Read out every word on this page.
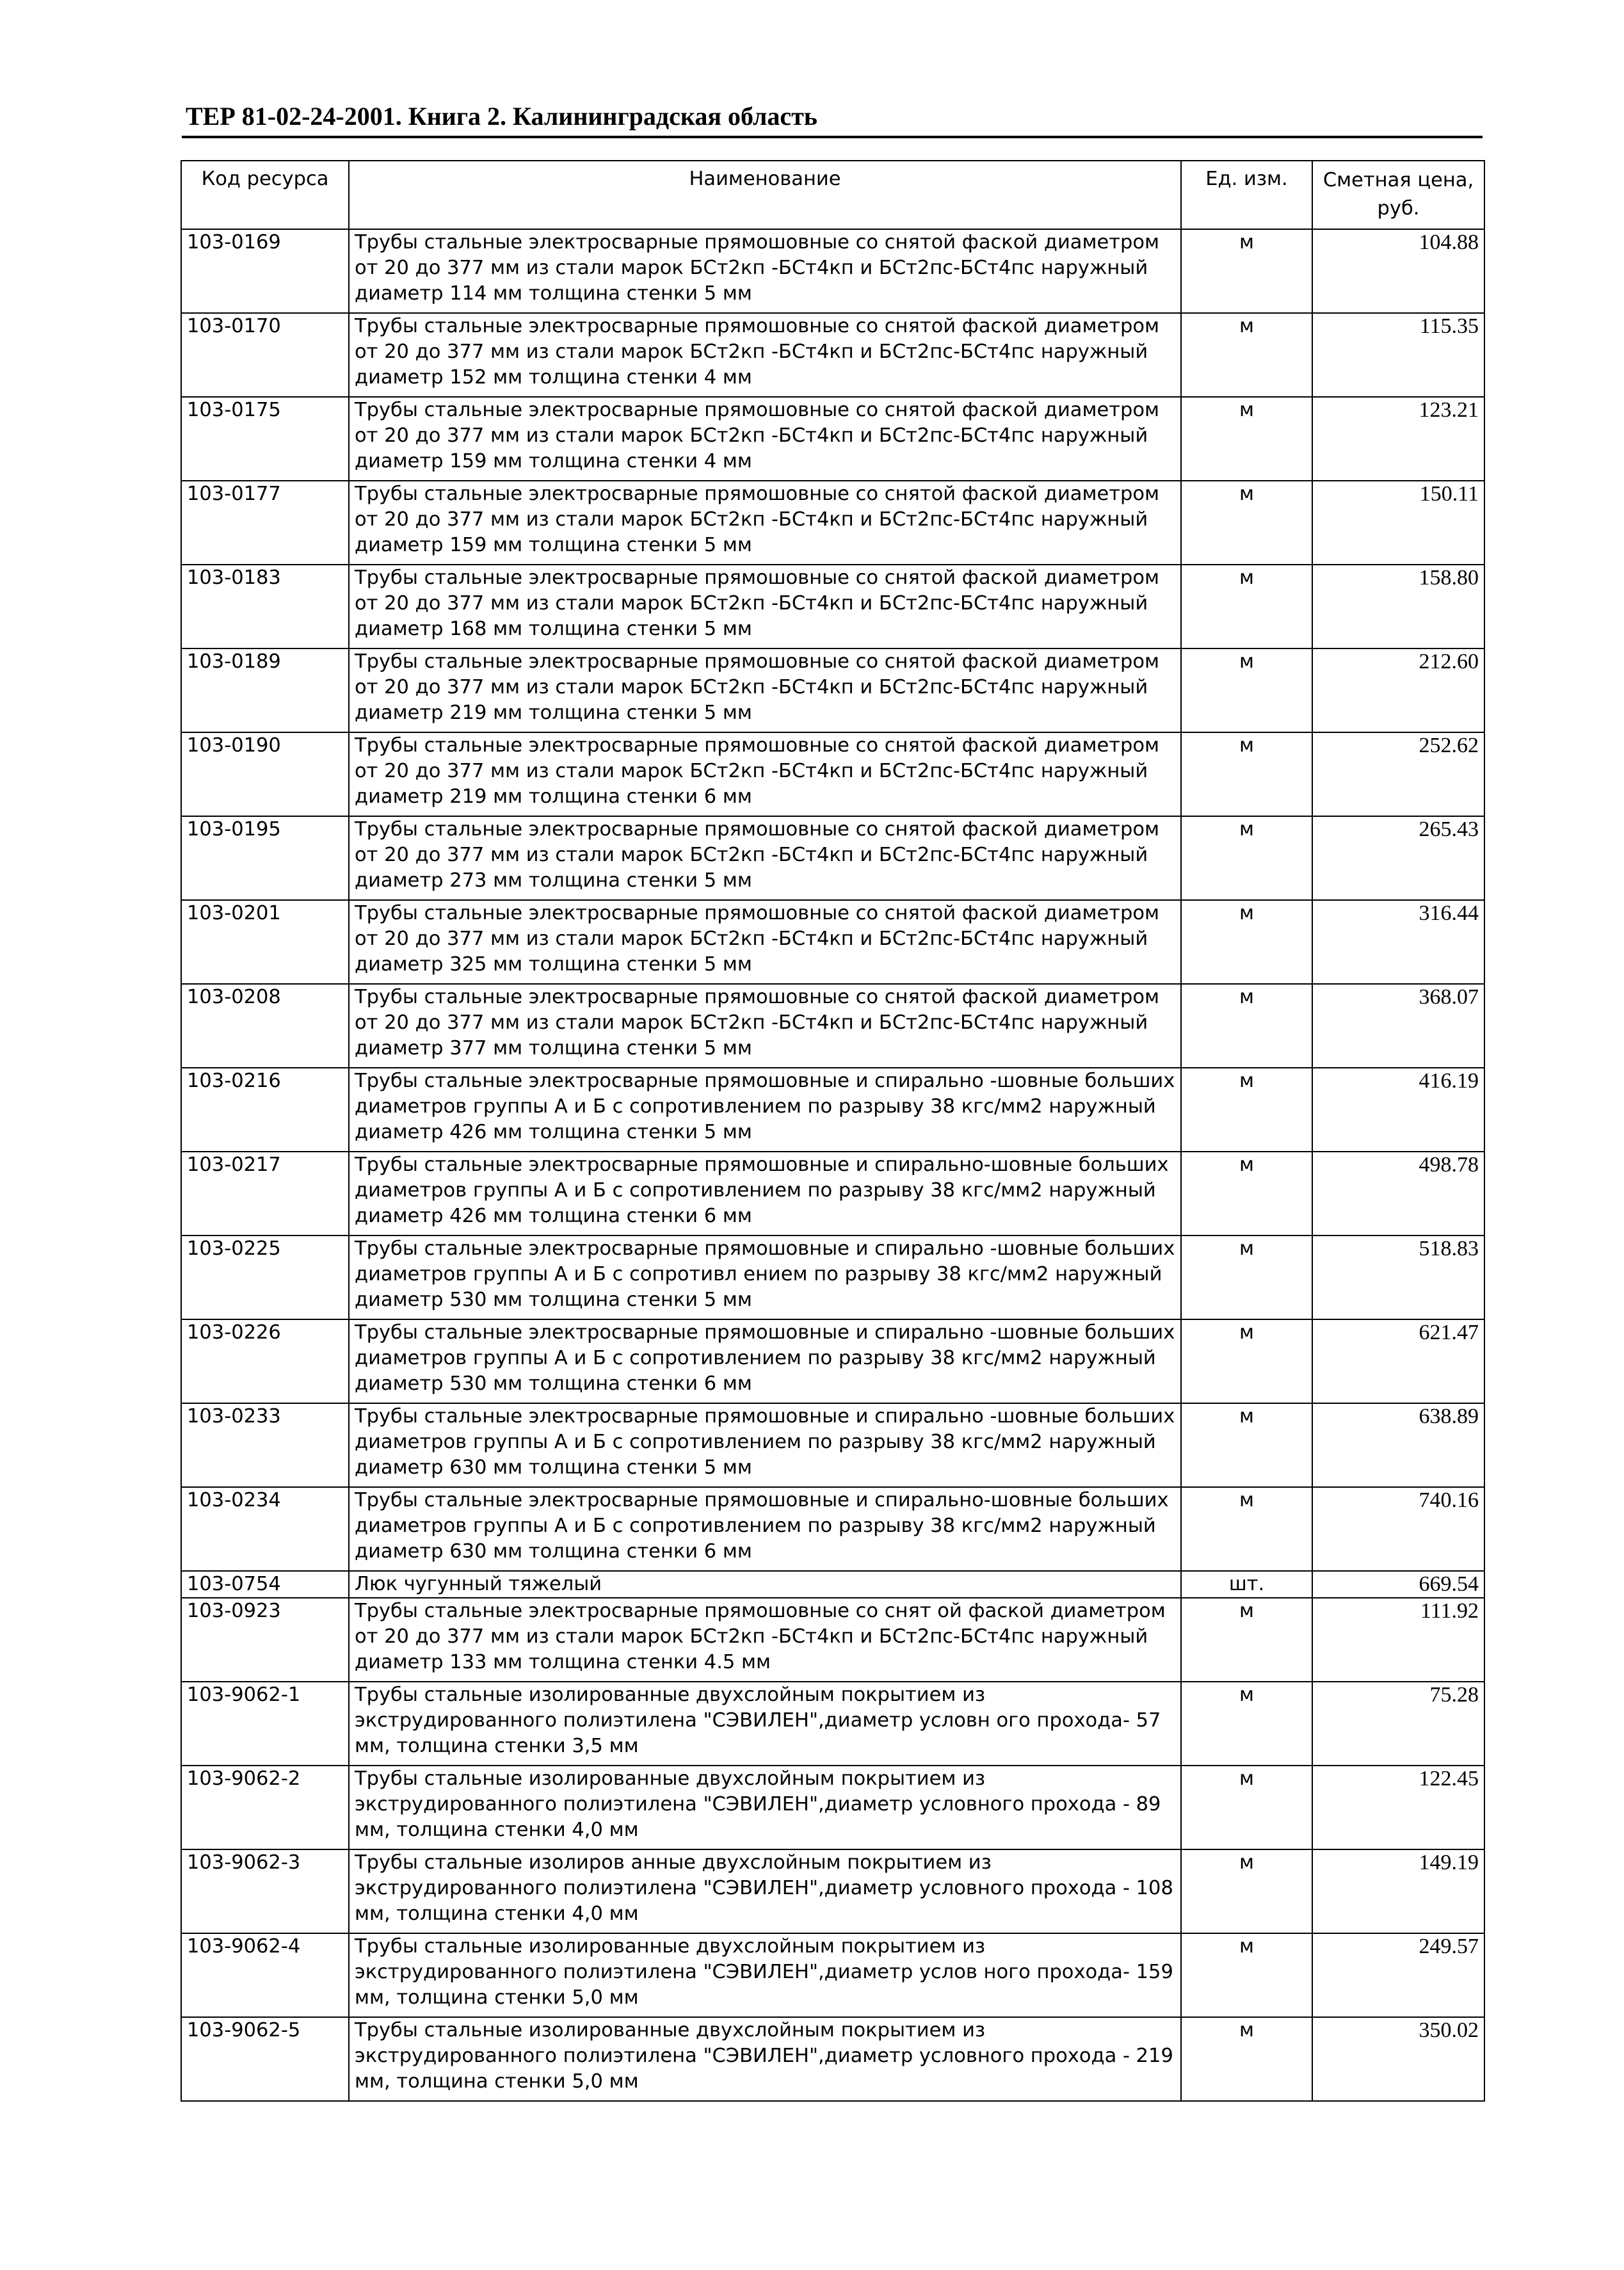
ТЕР 81-02-24-2001. Книга 2. Калининградская область
Код ресурса	Наименование	Ед. изм.	Сметная цена, руб.
103-0169	Трубы стальные электросварные прямошовные со снятой фаской диаметром от 20 до 377 мм из стали марок БСт2кп -БСт4кп и БСт2пс-БСт4пс наружный диаметр 114 мм толщина стенки 5 мм	м	104.88
103-0170	Трубы стальные электросварные прямошовные со снятой фаской диаметром от 20 до 377 мм из стали марок БСт2кп -БСт4кп и БСт2пс-БСт4пс наружный диаметр 152 мм толщина стенки 4 мм	м	115.35
103-0175	Трубы стальные электросварные прямошовные со снятой фаской диаметром от 20 до 377 мм из стали марок БСт2кп -БСт4кп и БСт2пс-БСт4пс наружный диаметр 159 мм толщина стенки 4 мм	м	123.21
103-0177	Трубы стальные электросварные прямошовные со снятой фаской диаметром от 20 до 377 мм из стали марок БСт2кп -БСт4кп и БСт2пс-БСт4пс наружный диаметр 159 мм толщина стенки 5 мм	м	150.11
103-0183	Трубы стальные электросварные прямошовные со снятой фаской диаметром от 20 до 377 мм из стали марок БСт2кп -БСт4кп и БСт2пс-БСт4пс наружный диаметр 168 мм толщина стенки 5 мм	м	158.80
103-0189	Трубы стальные электросварные прямошовные со снятой фаской диаметром от 20 до 377 мм из стали марок БСт2кп -БСт4кп и БСт2пс-БСт4пс наружный диаметр 219 мм толщина стенки 5 мм	м	212.60
103-0190	Трубы стальные электросварные прямошовные со снятой фаской диаметром от 20 до 377 мм из стали марок БСт2кп -БСт4кп и БСт2пс-БСт4пс наружный диаметр 219 мм толщина стенки 6 мм	м	252.62
103-0195	Трубы стальные электросварные прямошовные со снятой фаской диаметром от 20 до 377 мм из стали марок БСт2кп -БСт4кп и БСт2пс-БСт4пс наружный диаметр 273 мм толщина стенки 5 мм	м	265.43
103-0201	Трубы стальные электросварные прямошовные со снятой фаской диаметром от 20 до 377 мм из стали марок БСт2кп -БСт4кп и БСт2пс-БСт4пс наружный диаметр 325 мм толщина стенки 5 мм	м	316.44
103-0208	Трубы стальные электросварные прямошовные со снятой фаской диаметром от 20 до 377 мм из стали марок БСт2кп -БСт4кп и БСт2пс-БСт4пс наружный диаметр 377 мм толщина стенки 5 мм	м	368.07
103-0216	Трубы стальные электросварные прямошовные и спирально -шовные больших диаметров группы А и Б с сопротивлением по разрыву 38 кгс/мм2 наружный диаметр 426 мм толщина стенки 5 мм	м	416.19
103-0217	Трубы стальные электросварные прямошовные и спирально-шовные больших диаметров группы А и Б с сопротивлением по разрыву 38 кгс/мм2 наружный диаметр 426 мм толщина стенки 6 мм	м	498.78
103-0225	Трубы стальные электросварные прямошовные и спирально -шовные больших диаметров группы А и Б с сопротивл ением по разрыву 38 кгс/мм2 наружный диаметр 530 мм толщина стенки 5 мм	м	518.83
103-0226	Трубы стальные электросварные прямошовные и спирально -шовные больших диаметров группы А и Б с сопротивлением по разрыву 38 кгс/мм2 наружный диаметр 530 мм толщина стенки 6 мм	м	621.47
103-0233	Трубы стальные электросварные прямошовные и спирально -шовные больших диаметров группы А и Б с сопротивлением по разрыву 38 кгс/мм2 наружный диаметр 630 мм толщина стенки 5 мм	м	638.89
103-0234	Трубы стальные электросварные прямошовные и спирально-шовные больших диаметров группы А и Б с сопротивлением по разрыву 38 кгс/мм2 наружный диаметр 630 мм толщина стенки 6 мм	м	740.16
103-0754	Люк чугунный тяжелый	шт.	669.54
103-0923	Трубы стальные электросварные прямошовные со снят ой фаской диаметром от 20 до 377 мм из стали марок БСт2кп -БСт4кп и БСт2пс-БСт4пс наружный диаметр 133 мм толщина стенки 4.5 мм	м	111.92
103-9062-1	Трубы стальные изолированные двухслойным покрытием из экструдированного полиэтилена "СЭВИЛЕН",диаметр условн ого прохода- 57 мм, толщина стенки 3,5 мм	м	75.28
103-9062-2	Трубы стальные изолированные двухслойным покрытием из экструдированного полиэтилена "СЭВИЛЕН",диаметр условного прохода - 89 мм, толщина стенки 4,0 мм	м	122.45
103-9062-3	Трубы стальные изолиров анные двухслойным покрытием из экструдированного полиэтилена "СЭВИЛЕН",диаметр условного прохода - 108 мм, толщина стенки 4,0 мм	м	149.19
103-9062-4	Трубы стальные изолированные двухслойным покрытием из экструдированного полиэтилена "СЭВИЛЕН",диаметр услов ного прохода- 159 мм, толщина стенки 5,0 мм	м	249.57
103-9062-5	Трубы стальные изолированные двухслойным покрытием из экструдированного полиэтилена "СЭВИЛЕН",диаметр условного прохода - 219 мм, толщина стенки 5,0 мм	м	350.02
